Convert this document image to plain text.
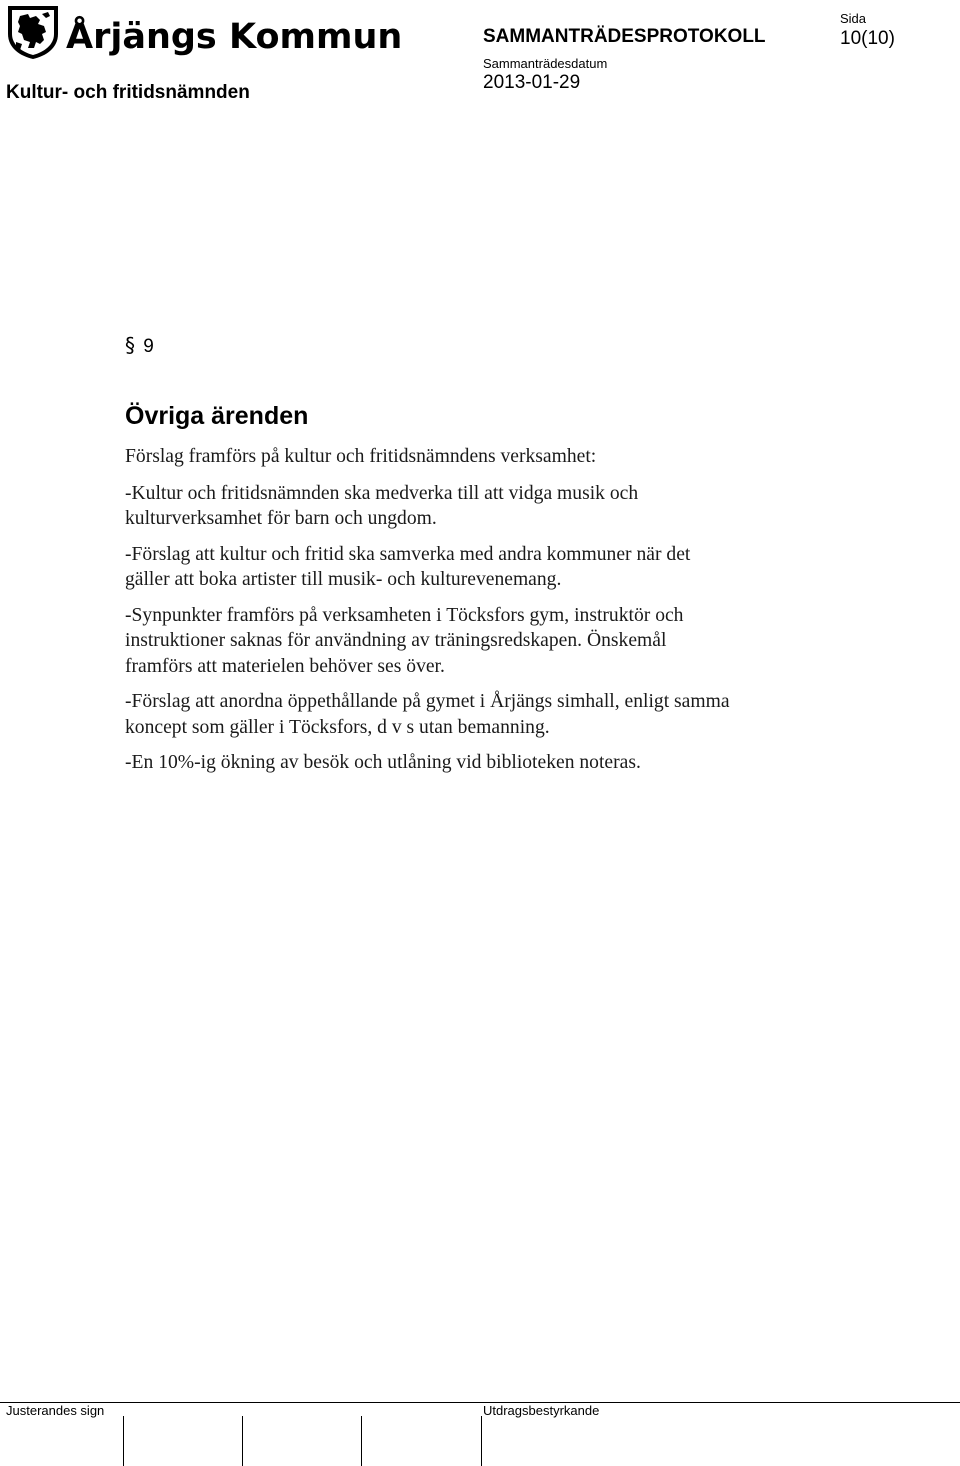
Årjängs Kommun
Kultur- och fritidsnämnden
SAMMANTRÄDESPROTOKOLL
Sammanträdesdatum
2013-01-29
Sida
10(10)
§ 9
Övriga ärenden

Förslag framförs på kultur och fritidsnämndens verksamhet:

-Kultur och fritidsnämnden ska medverka till att vidga musik och
kulturverksamhet för barn och ungdom.

-Förslag att kultur och fritid ska samverka med andra kommuner när det
gäller att boka artister till musik- och kulturevenemang.

-Synpunkter framförs på verksamheten i Töcksfors gym, instruktör och
instruktioner saknas för användning av träningsredskapen. Önskemål
framförs att materielen behöver ses över.

-Förslag att anordna öppethållande på gymet i Årjängs simhall, enligt samma
koncept som gäller i Töcksfors, d v s utan bemanning.

-En 10%-ig ökning av besök och utlåning vid biblioteken noteras.

Justerandes sign	Utdragsbestyrkande
